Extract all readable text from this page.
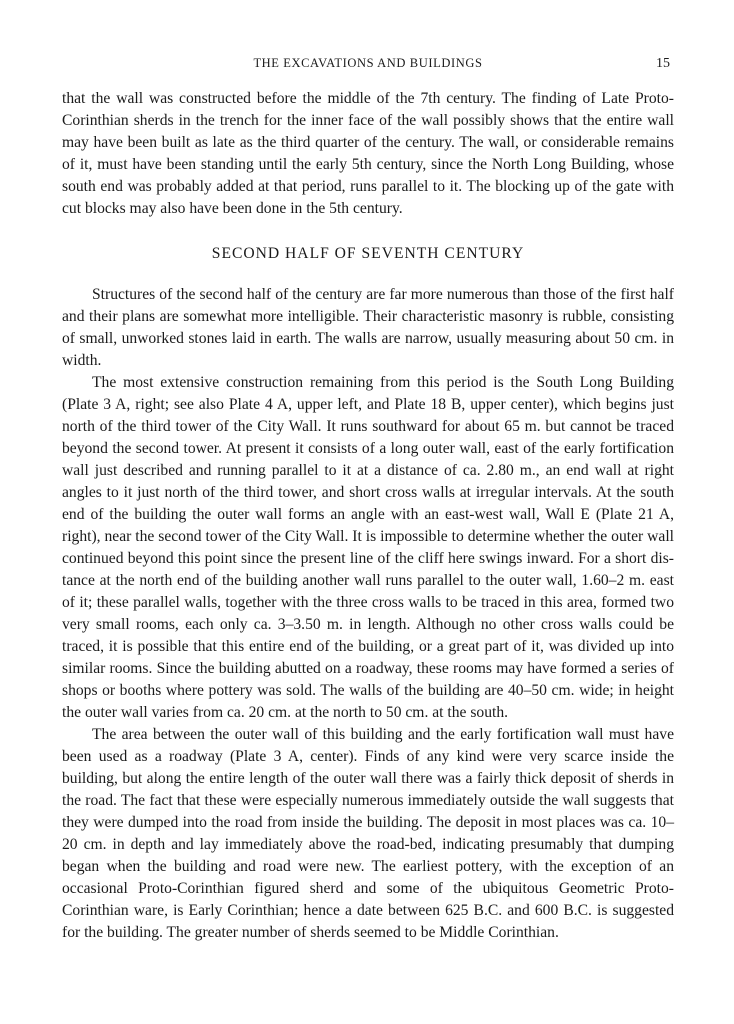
THE EXCAVATIONS AND BUILDINGS	15

that the wall was constructed before the middle of the 7th century. The finding of Late Proto-Corinthian sherds in the trench for the inner face of the wall possibly shows that the entire wall may have been built as late as the third quarter of the century. The wall, or considerable remains of it, must have been standing until the early 5th century, since the North Long Building, whose south end was probably added at that period, runs parallel to it. The blocking up of the gate with cut blocks may also have been done in the 5th century.

SECOND HALF OF SEVENTH CENTURY

Structures of the second half of the century are far more numerous than those of the first half and their plans are somewhat more intelligible. Their characteristic masonry is rubble, consisting of small, unworked stones laid in earth. The walls are narrow, usually measuring about 50 cm. in width.

The most extensive construction remaining from this period is the South Long Building (Plate 3 A, right; see also Plate 4 A, upper left, and Plate 18 B, upper center), which begins just north of the third tower of the City Wall. It runs southward for about 65 m. but cannot be traced beyond the second tower. At present it consists of a long outer wall, east of the early fortification wall just described and running parallel to it at a distance of ca. 2.80 m., an end wall at right angles to it just north of the third tower, and short cross walls at irregular intervals. At the south end of the building the outer wall forms an angle with an east-west wall, Wall E (Plate 21 A, right), near the second tower of the City Wall. It is impossible to determine whether the outer wall continued beyond this point since the present line of the cliff here swings inward. For a short distance at the north end of the building another wall runs parallel to the outer wall, 1.60–2 m. east of it; these parallel walls, together with the three cross walls to be traced in this area, formed two very small rooms, each only ca. 3–3.50 m. in length. Although no other cross walls could be traced, it is possible that this entire end of the building, or a great part of it, was divided up into similar rooms. Since the building abutted on a roadway, these rooms may have formed a series of shops or booths where pottery was sold. The walls of the building are 40–50 cm. wide; in height the outer wall varies from ca. 20 cm. at the north to 50 cm. at the south.

The area between the outer wall of this building and the early fortification wall must have been used as a roadway (Plate 3 A, center). Finds of any kind were very scarce inside the building, but along the entire length of the outer wall there was a fairly thick deposit of sherds in the road. The fact that these were especially numerous immediately outside the wall suggests that they were dumped into the road from inside the building. The deposit in most places was ca. 10–20 cm. in depth and lay immediately above the road-bed, indicating presumably that dumping began when the building and road were new. The earliest pottery, with the exception of an occasional Proto-Corinthian figured sherd and some of the ubiquitous Geometric Proto-Corinthian ware, is Early Corinthian; hence a date between 625 B.C. and 600 B.C. is suggested for the building. The greater number of sherds seemed to be Middle Corinthian.
